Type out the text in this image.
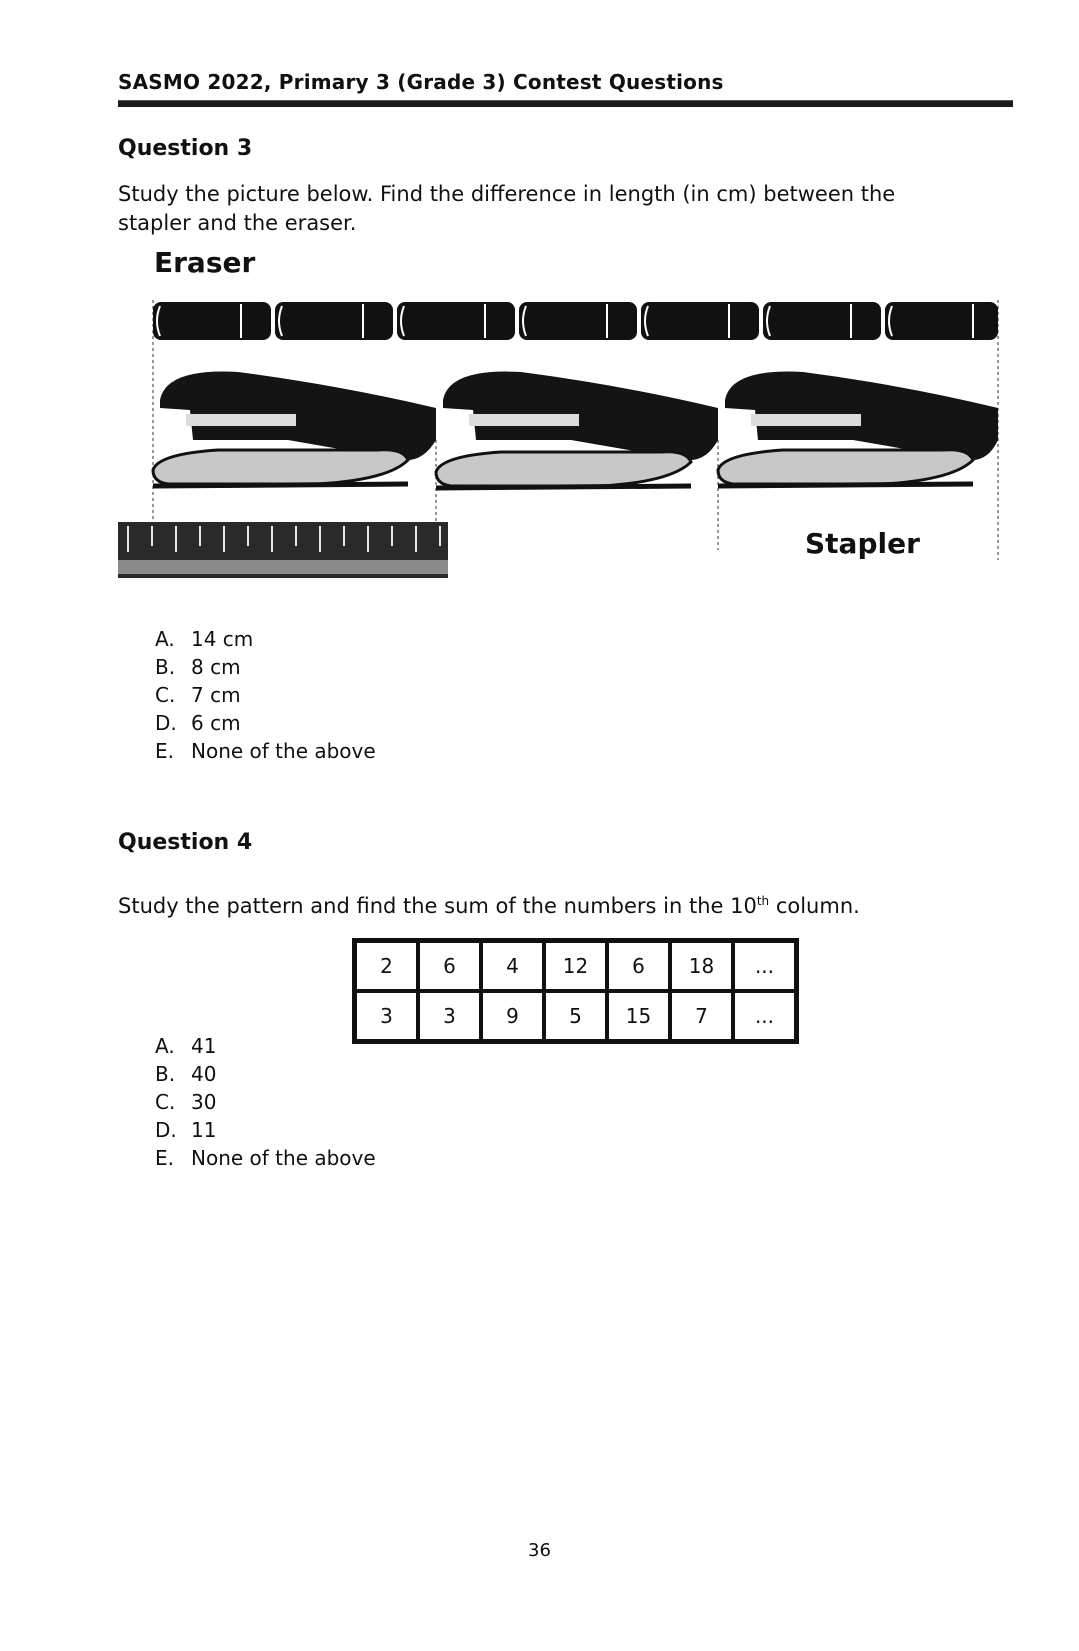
SASMO 2022, Primary 3 (Grade 3) Contest Questions
Question 3
Study the picture below. Find the difference in length (in cm) between the stapler and the eraser.
Eraser
Stapler
A. 14 cm
B. 8 cm
C. 7 cm
D. 6 cm
E. None of the above
Question 4
Study the pattern and find the sum of the numbers in the 10th column.
2	6	4	12	6	18	...
3	3	9	5	15	7	...
A. 41
B. 40
C. 30
D. 11
E. None of the above
36
